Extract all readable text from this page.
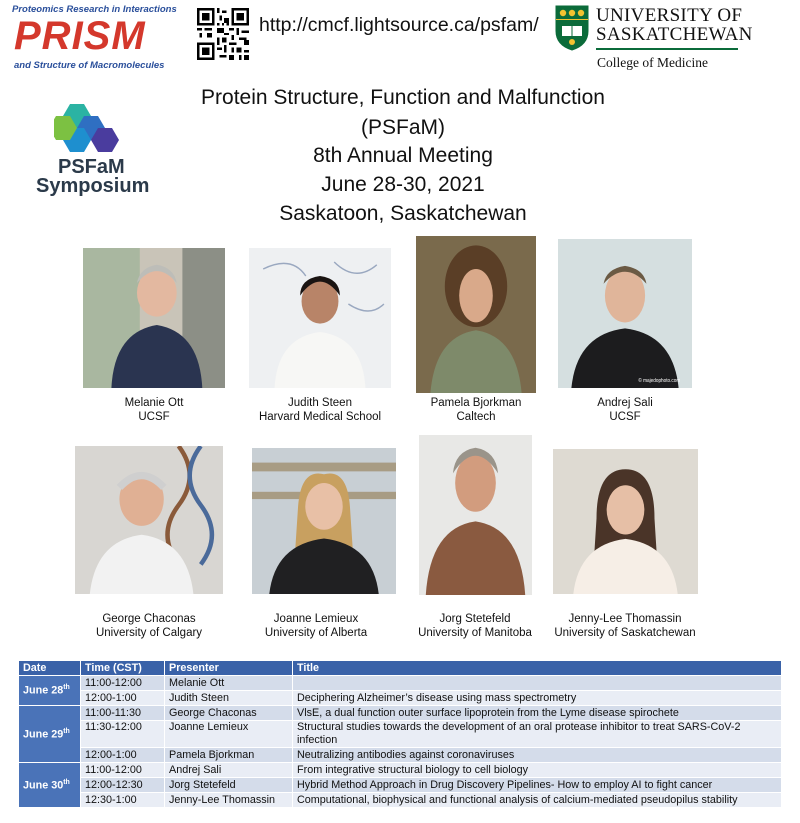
Proteomics Research in Interactions
PRISM
and Structure of Macromolecules
http://cmcf.lightsource.ca/psfam/	UNIVERSITY OF
SASKATCHEWAN
College of Medicine
PSFaM
Symposium
Protein Structure, Function and Malfunction
(PSFaM)
8th Annual Meeting
June 28-30, 2021
Saskatoon, Saskatchewan
© majedophoto.com
Melanie Ott
UCSF
Judith Steen
Harvard Medical School
Pamela Bjorkman
Caltech
Andrej Sali
UCSF
George Chaconas
University of Calgary
Joanne Lemieux
University of Alberta
Jorg Stetefeld
University of Manitoba
Jenny-Lee Thomassin
University of Saskatchewan
Date	Time (CST)	Presenter	Title
June 28th	11:00-12:00	Melanie Ott	
	12:00-1:00	Judith Steen	Deciphering Alzheimer’s disease using mass spectrometry
June 29th	11:00-11:30	George Chaconas	VlsE, a dual function outer surface lipoprotein from the Lyme disease spirochete
	11:30-12:00	Joanne Lemieux	Structural studies towards the development of an oral protease inhibitor to treat SARS-CoV-2 infection
	12:00-1:00	Pamela Bjorkman	Neutralizing antibodies against coronaviruses
June 30th	11:00-12:00	Andrej Sali	From integrative structural biology to cell biology
	12:00-12:30	Jorg Stetefeld	Hybrid Method Approach in Drug Discovery Pipelines- How to employ AI to fight cancer
	12:30-1:00	Jenny-Lee Thomassin	Computational, biophysical and functional analysis of calcium-mediated pseudopilus stability
